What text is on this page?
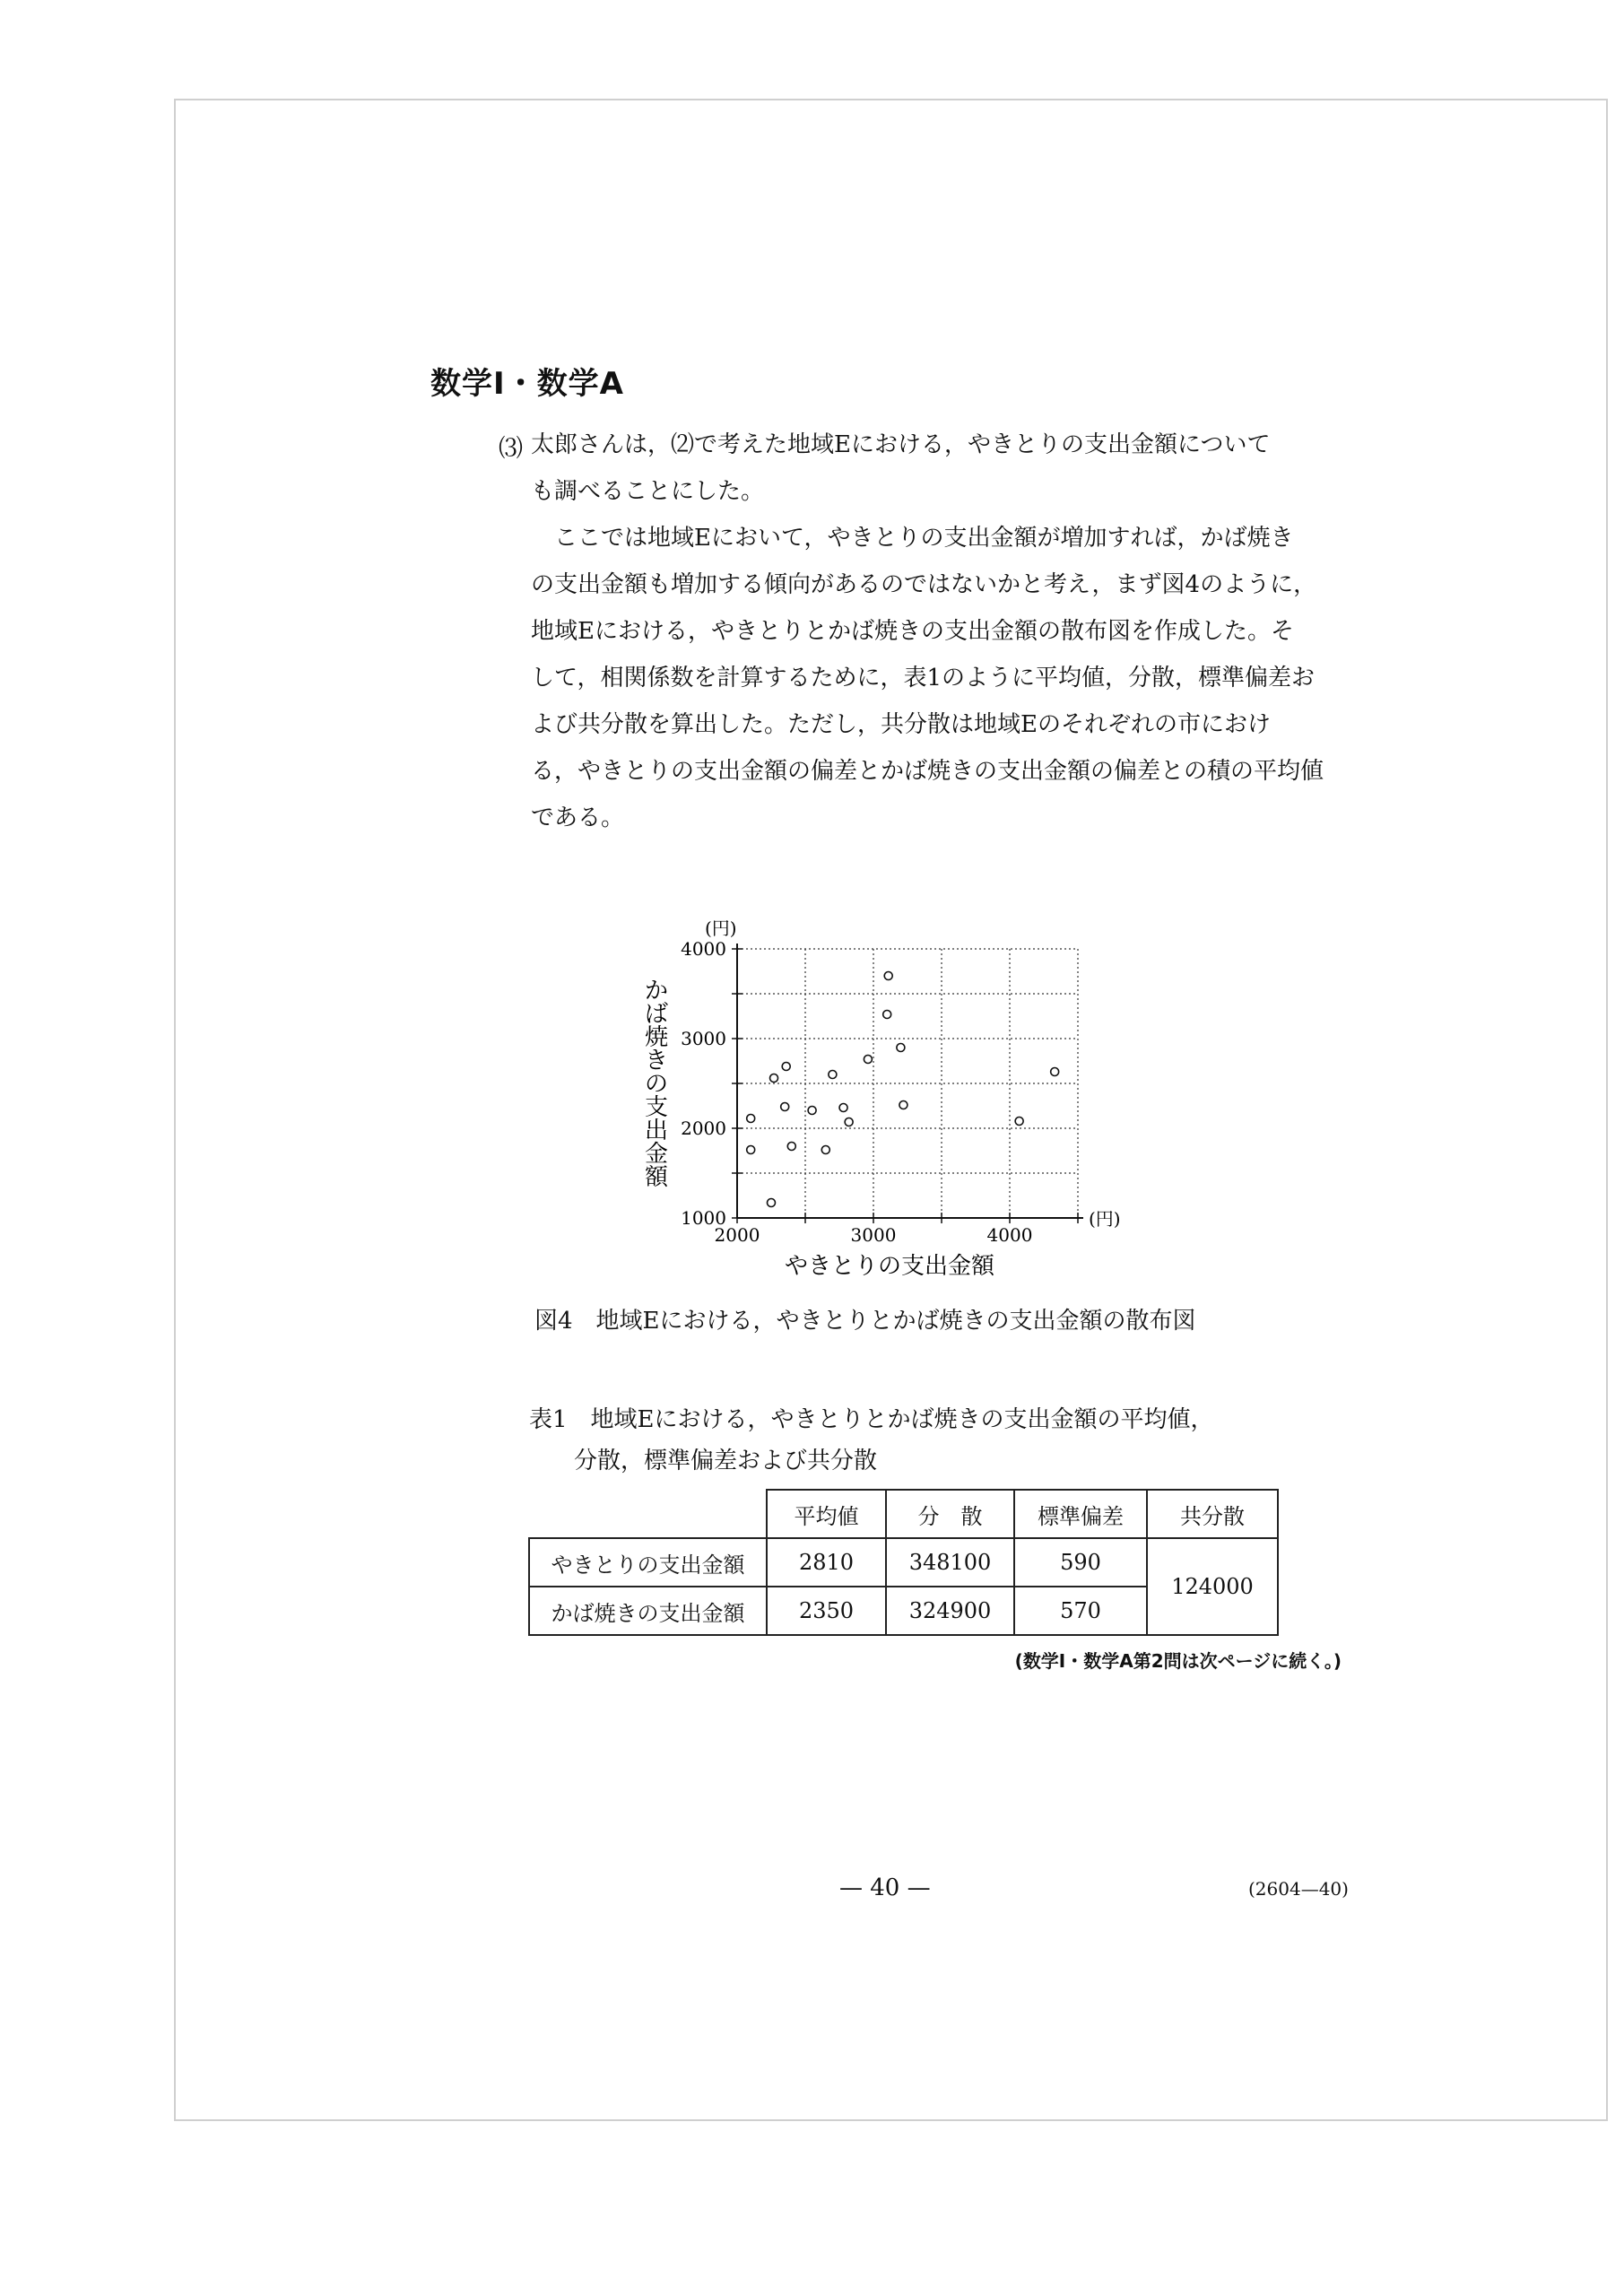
数学Ⅰ・数学A
⑶ 太郎さんは，⑵で考えた地域Eにおける，やきとりの支出金額について
も調べることにした。
　ここでは地域Eにおいて，やきとりの支出金額が増加すれば，かば焼き
の支出金額も増加する傾向があるのではないかと考え，まず図4のように，
地域Eにおける，やきとりとかば焼きの支出金額の散布図を作成した。そ
して，相関係数を計算するために，表1のように平均値，分散，標準偏差お
よび共分散を算出した。ただし，共分散は地域Eのそれぞれの市におけ
る，やきとりの支出金額の偏差とかば焼きの支出金額の偏差との積の平均値
である。
1000
2000
3000
4000
2000	3000	4000
(円)
(円)
やきとりの支出金額
かば焼きの支出金額
図4　地域Eにおける，やきとりとかば焼きの支出金額の散布図
表1　地域Eにおける，やきとりとかば焼きの支出金額の平均値，
分散，標準偏差および共分散
	平均値	分　散	標準偏差	共分散
やきとりの支出金額	2810	348100	590	124000
かば焼きの支出金額	2350	324900	570	
(数学Ⅰ・数学A第2問は次ページに続く。)
— 40 —	(2604—40)
